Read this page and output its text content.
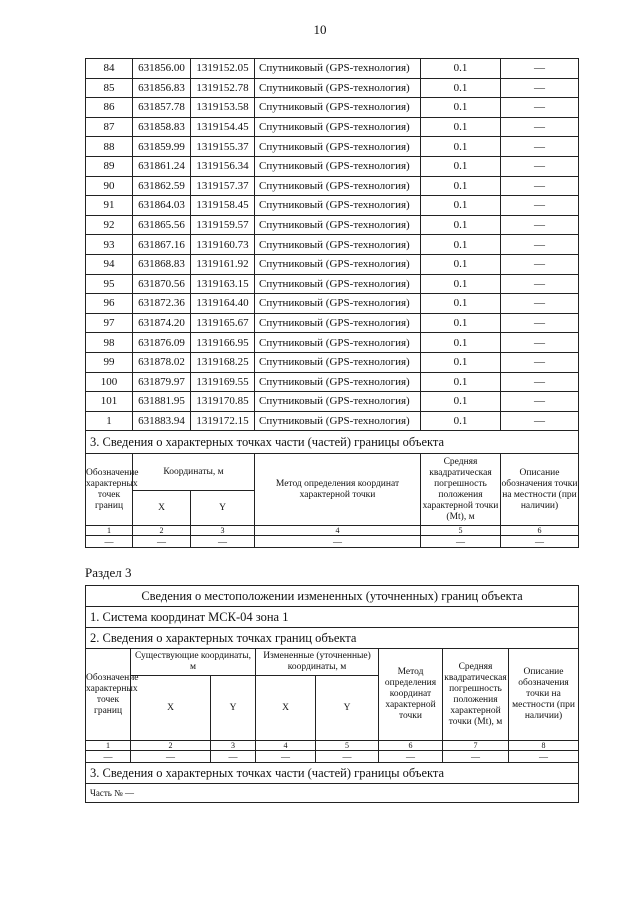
10
84	631856.00	1319152.05	Спутниковый (GPS-технология)	0.1	—
85	631856.83	1319152.78	Спутниковый (GPS-технология)	0.1	—
86	631857.78	1319153.58	Спутниковый (GPS-технология)	0.1	—
87	631858.83	1319154.45	Спутниковый (GPS-технология)	0.1	—
88	631859.99	1319155.37	Спутниковый (GPS-технология)	0.1	—
89	631861.24	1319156.34	Спутниковый (GPS-технология)	0.1	—
90	631862.59	1319157.37	Спутниковый (GPS-технология)	0.1	—
91	631864.03	1319158.45	Спутниковый (GPS-технология)	0.1	—
92	631865.56	1319159.57	Спутниковый (GPS-технология)	0.1	—
93	631867.16	1319160.73	Спутниковый (GPS-технология)	0.1	—
94	631868.83	1319161.92	Спутниковый (GPS-технология)	0.1	—
95	631870.56	1319163.15	Спутниковый (GPS-технология)	0.1	—
96	631872.36	1319164.40	Спутниковый (GPS-технология)	0.1	—
97	631874.20	1319165.67	Спутниковый (GPS-технология)	0.1	—
98	631876.09	1319166.95	Спутниковый (GPS-технология)	0.1	—
99	631878.02	1319168.25	Спутниковый (GPS-технология)	0.1	—
100	631879.97	1319169.55	Спутниковый (GPS-технология)	0.1	—
101	631881.95	1319170.85	Спутниковый (GPS-технология)	0.1	—
1	631883.94	1319172.15	Спутниковый (GPS-технология)	0.1	—
3. Сведения о характерных точках части (частей) границы объекта					
Обозначение характерных точек границ	Координаты, м		Метод определения координат характерной точки	Средняя квадратическая погрешность положения характерной точки (Mt), м	Описание обозначения точки на местности (при наличии)
	X	Y			
1	2	3	4	5	6
—	—	—	—	—	—
Раздел 3
Сведения о местоположении измененных (уточненных) границ объекта							
1. Система координат МСК-04 зона 1							
2. Сведения о характерных точках границ объекта							
Обозначение характерных точек границ	Существующие координаты, м		Измененные (уточненные) координаты, м		Метод определения координат характерной точки	Средняя квадратическая погрешность положения характерной точки (Mt), м	Описание обозначения точки на местности (при наличии)
	X	Y	X	Y			
1	2	3	4	5	6	7	8
—	—	—	—	—	—	—	—
3. Сведения о характерных точках части (частей) границы объекта							
Часть № —							
